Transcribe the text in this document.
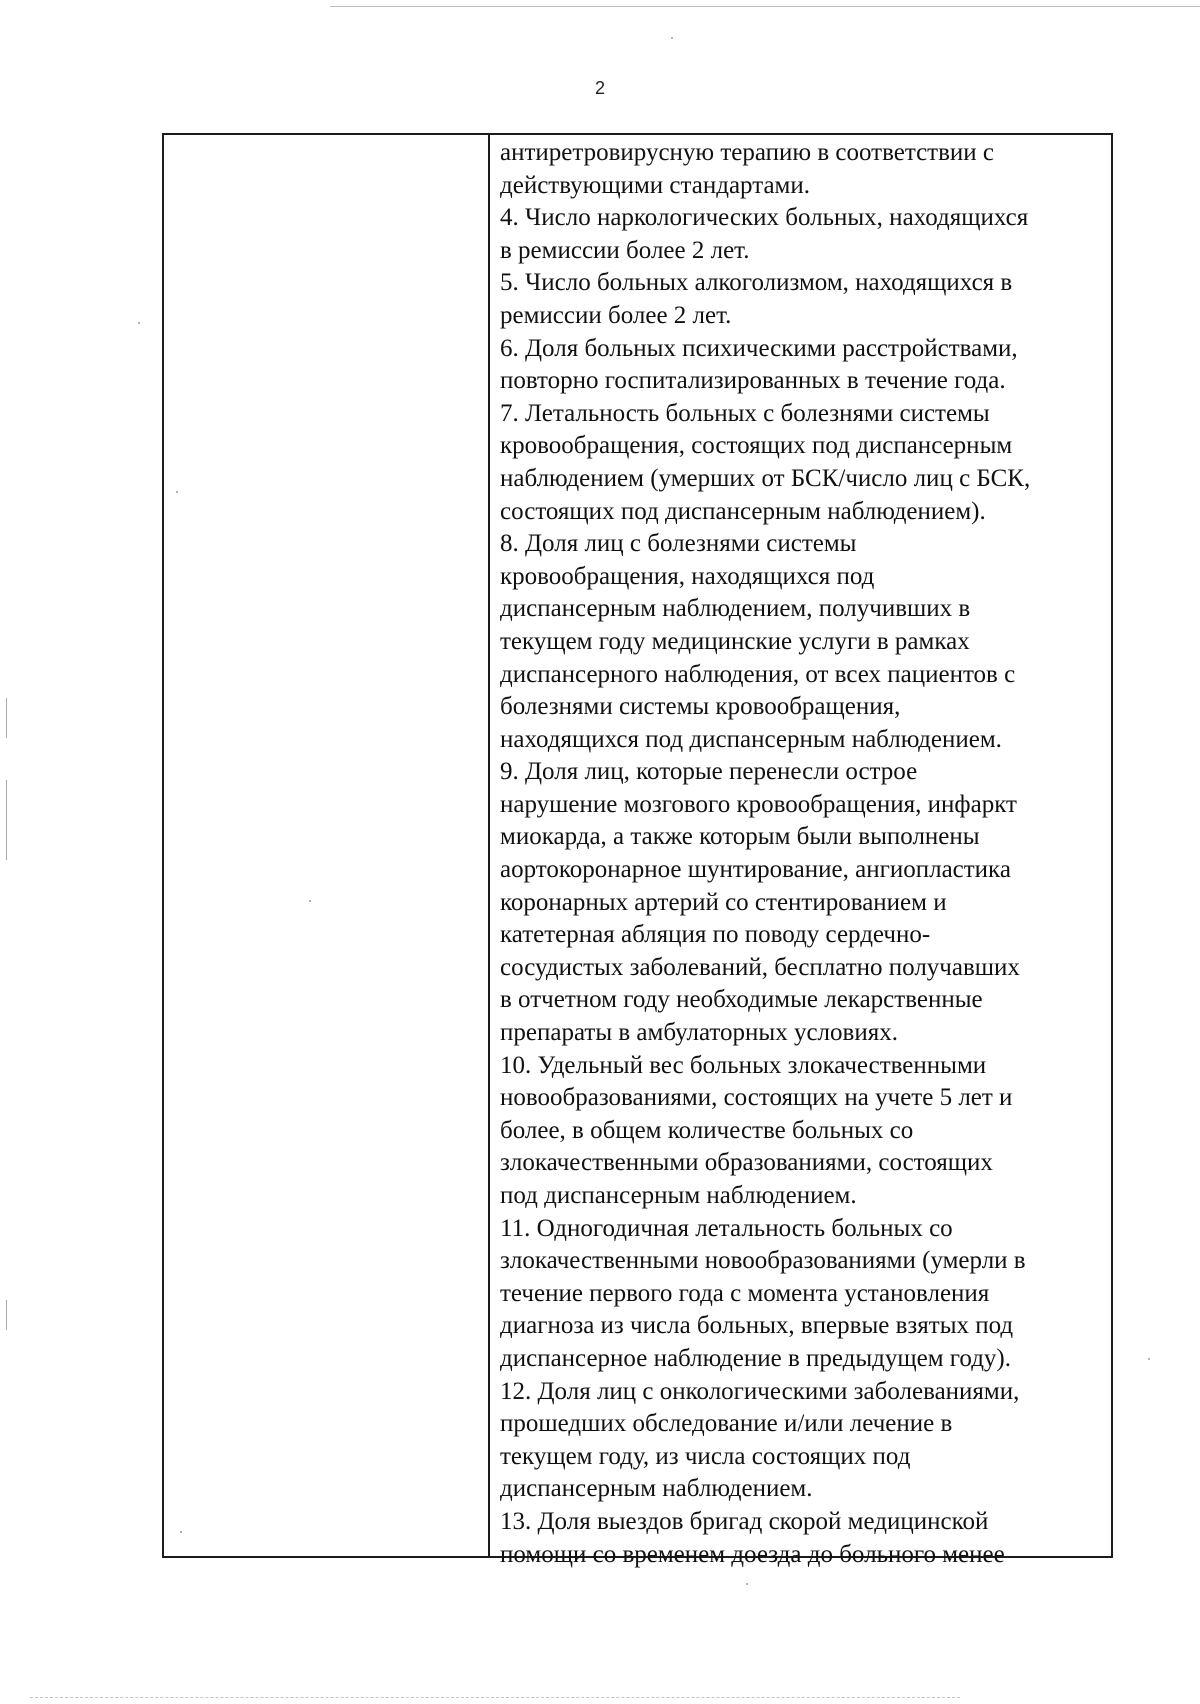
2
антиретровирусную терапию в соответствии с
действующими стандартами.
4. Число наркологических больных, находящихся
в ремиссии более 2 лет.
5. Число больных алкоголизмом, находящихся в
ремиссии более 2 лет.
6. Доля больных психическими расстройствами,
повторно госпитализированных в течение года.
7. Летальность больных с болезнями системы
кровообращения, состоящих под диспансерным
наблюдением (умерших от БСК/число лиц с БСК,
состоящих под диспансерным наблюдением).
8. Доля лиц с болезнями системы
кровообращения, находящихся под
диспансерным наблюдением, получивших в
текущем году медицинские услуги в рамках
диспансерного наблюдения, от всех пациентов с
болезнями системы кровообращения,
находящихся под диспансерным наблюдением.
9. Доля лиц, которые перенесли острое
нарушение мозгового кровообращения, инфаркт
миокарда, а также которым были выполнены
аортокоронарное шунтирование, ангиопластика
коронарных артерий со стентированием и
катетерная абляция по поводу сердечно-
сосудистых заболеваний, бесплатно получавших
в отчетном году необходимые лекарственные
препараты в амбулаторных условиях.
10. Удельный вес больных злокачественными
новообразованиями, состоящих на учете 5 лет и
более, в общем количестве больных со
злокачественными образованиями, состоящих
под диспансерным наблюдением.
11. Одногодичная летальность больных со
злокачественными новообразованиями (умерли в
течение первого года с момента установления
диагноза из числа больных, впервые взятых под
диспансерное наблюдение в предыдущем году).
12. Доля лиц с онкологическими заболеваниями,
прошедших обследование и/или лечение в
текущем году, из числа состоящих под
диспансерным наблюдением.
13. Доля выездов бригад скорой медицинской
помощи со временем доезда до больного менее
